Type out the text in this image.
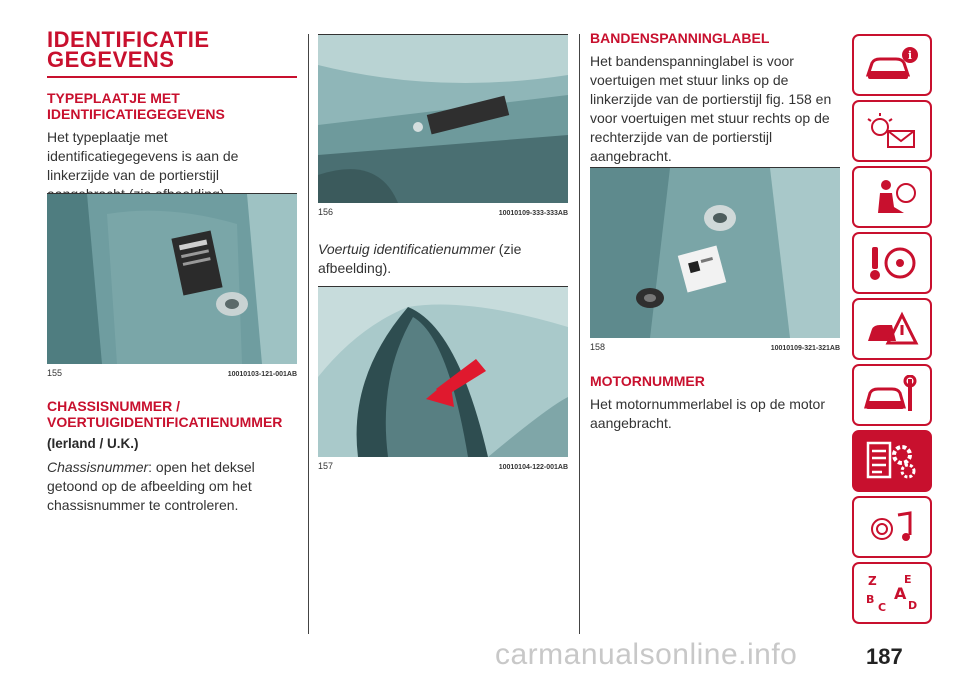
IDENTIFICATIE GEGEVENS
TYPEPLAATJE MET IDENTIFICATIEGEGEVENS

Het typeplaatje met identificatiegegevens is aan de linkerzijde van de portierstijl

155	10010103-121-001AB
CHASSISNUMMER / VOERTUIGIDENTIFICATIENUMMER
(Ierland / U.K.)

Chassisnummer: open het deksel getoond op de afbeelding om het chassisnummer te controleren.

156	10010109-333-333AB

Voertuig identificatienummer (zie afbeelding).

157	10010104-122-001AB
BANDENSPANNINGLABEL

Het bandenspanninglabel is voor voertuigen met stuur links op de linkerzijde van de portierstijl fig. 158 en voor voertuigen met stuur rechts op de rechterzijde van de portierstijl aangebracht.

158	10010109-321-321AB
MOTORNUMMER

Het motornummerlabel is op de motor aangebracht.

i
Z E
B A
C D
187
carmanualsonline.info
